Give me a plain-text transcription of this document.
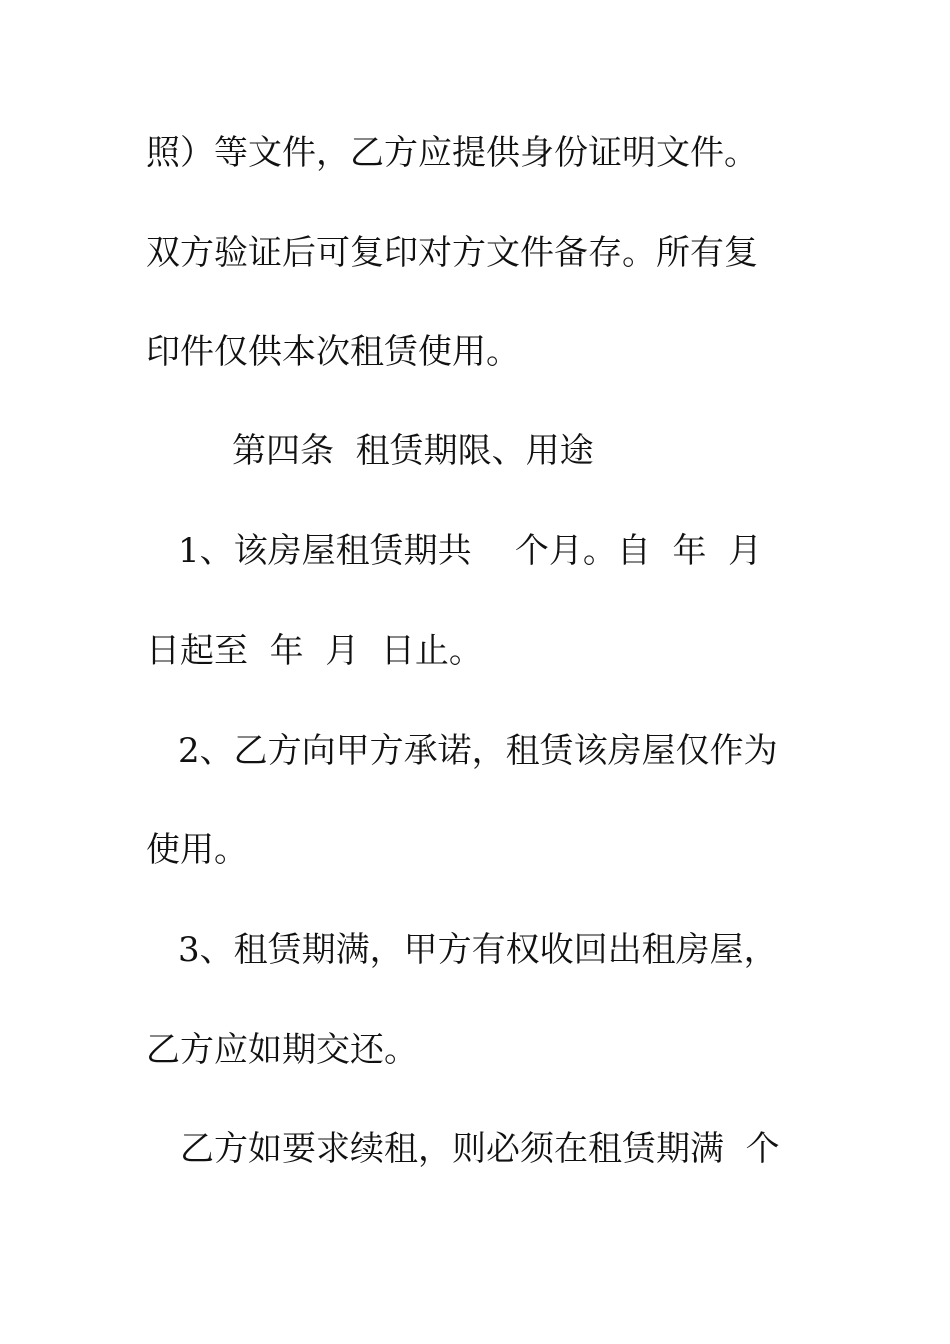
照）等文件，乙方应提供身份证明文件。
双方验证后可复印对方文件备存。所有复
印件仅供本次租赁使用。
第四条  租赁期限、用途
1、该房屋租赁期共    个月。自  年  月
日起至  年  月  日止。
2、乙方向甲方承诺，租赁该房屋仅作为
使用。
3、租赁期满，甲方有权收回出租房屋，
乙方应如期交还。
乙方如要求续租，则必须在租赁期满  个
